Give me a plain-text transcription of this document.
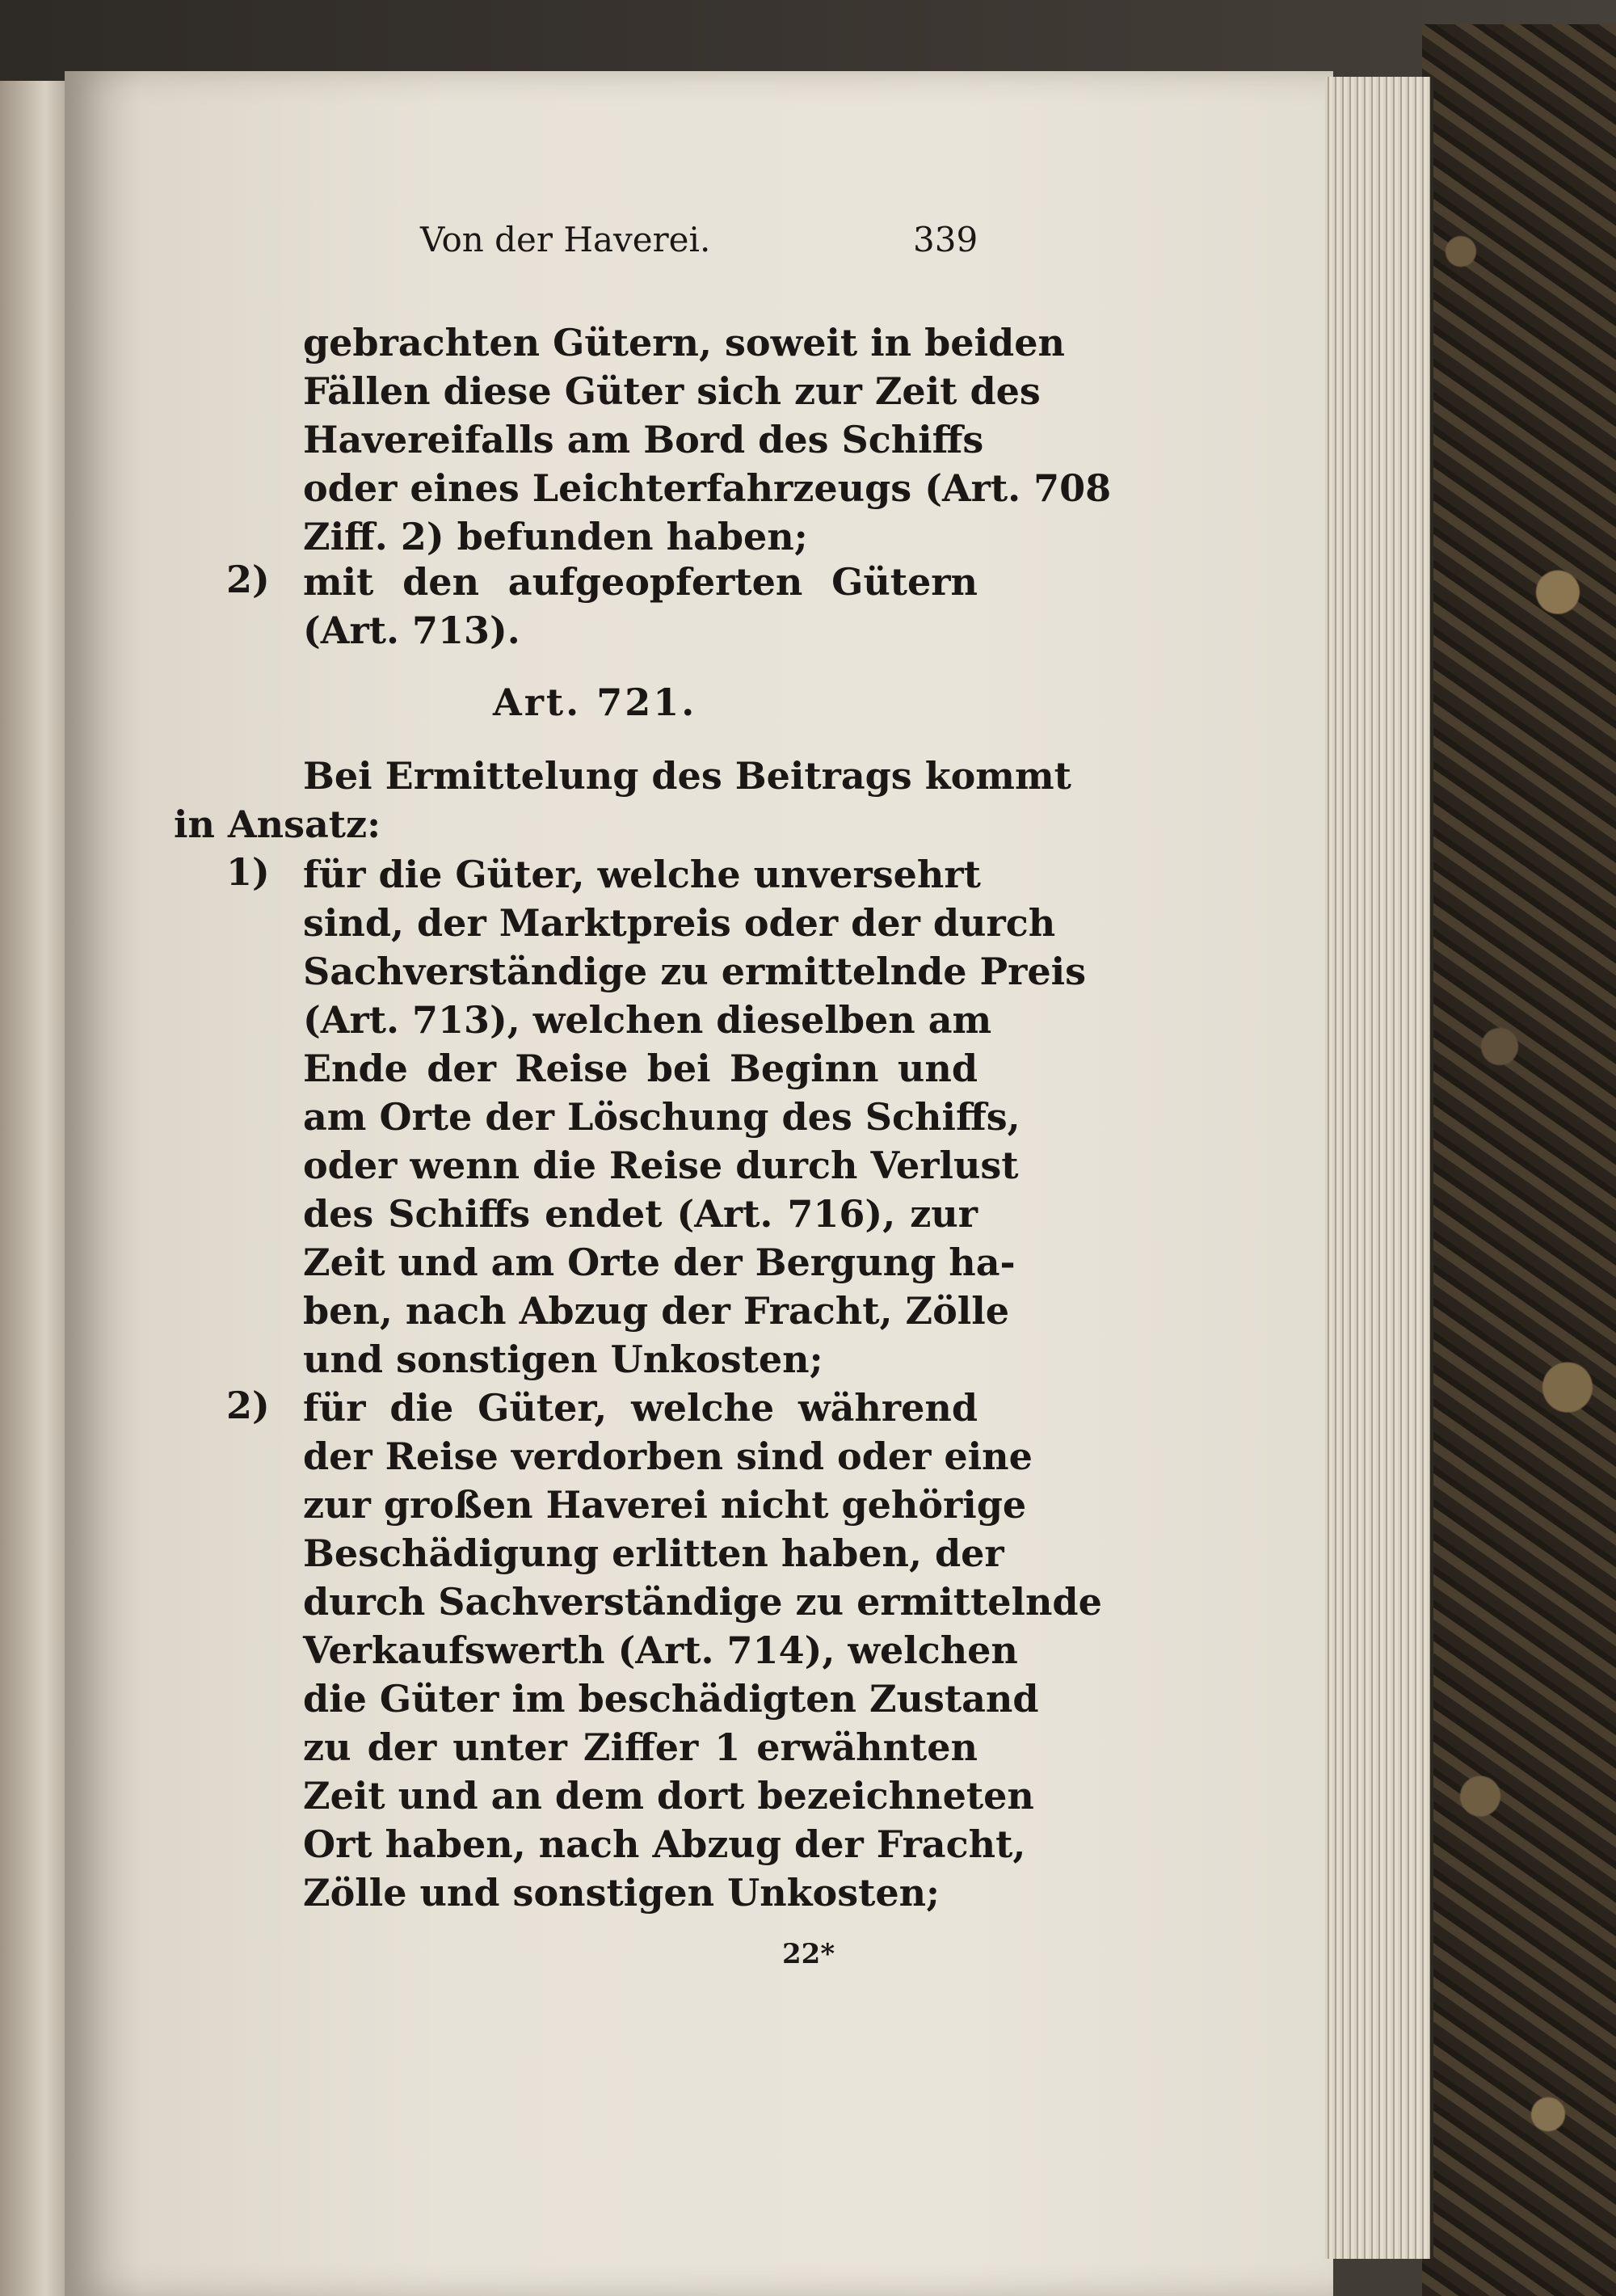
Von der Haverei.	339
gebrachten Gütern, soweit in beiden
Fällen diese Güter sich zur Zeit des
Havereifalls am Bord des Schiffs
oder eines Leichterfahrzeugs (Art. 708
Ziff. 2) befunden haben;
2) mit den aufgeopferten Gütern
(Art. 713).
Art. 721.
Bei Ermittelung des Beitrags kommt
in Ansatz:
1) für die Güter, welche unversehrt
sind, der Marktpreis oder der durch
Sachverständige zu ermittelnde Preis
(Art. 713), welchen dieselben am
Ende der Reise bei Beginn und
am Orte der Löschung des Schiffs,
oder wenn die Reise durch Verlust
des Schiffs endet (Art. 716), zur
Zeit und am Orte der Bergung ha-
ben, nach Abzug der Fracht, Zölle
und sonstigen Unkosten;
2) für die Güter, welche während
der Reise verdorben sind oder eine
zur großen Haverei nicht gehörige
Beschädigung erlitten haben, der
durch Sachverständige zu ermittelnde
Verkaufswerth (Art. 714), welchen
die Güter im beschädigten Zustand
zu der unter Ziffer 1 erwähnten
Zeit und an dem dort bezeichneten
Ort haben, nach Abzug der Fracht,
Zölle und sonstigen Unkosten;
22*
